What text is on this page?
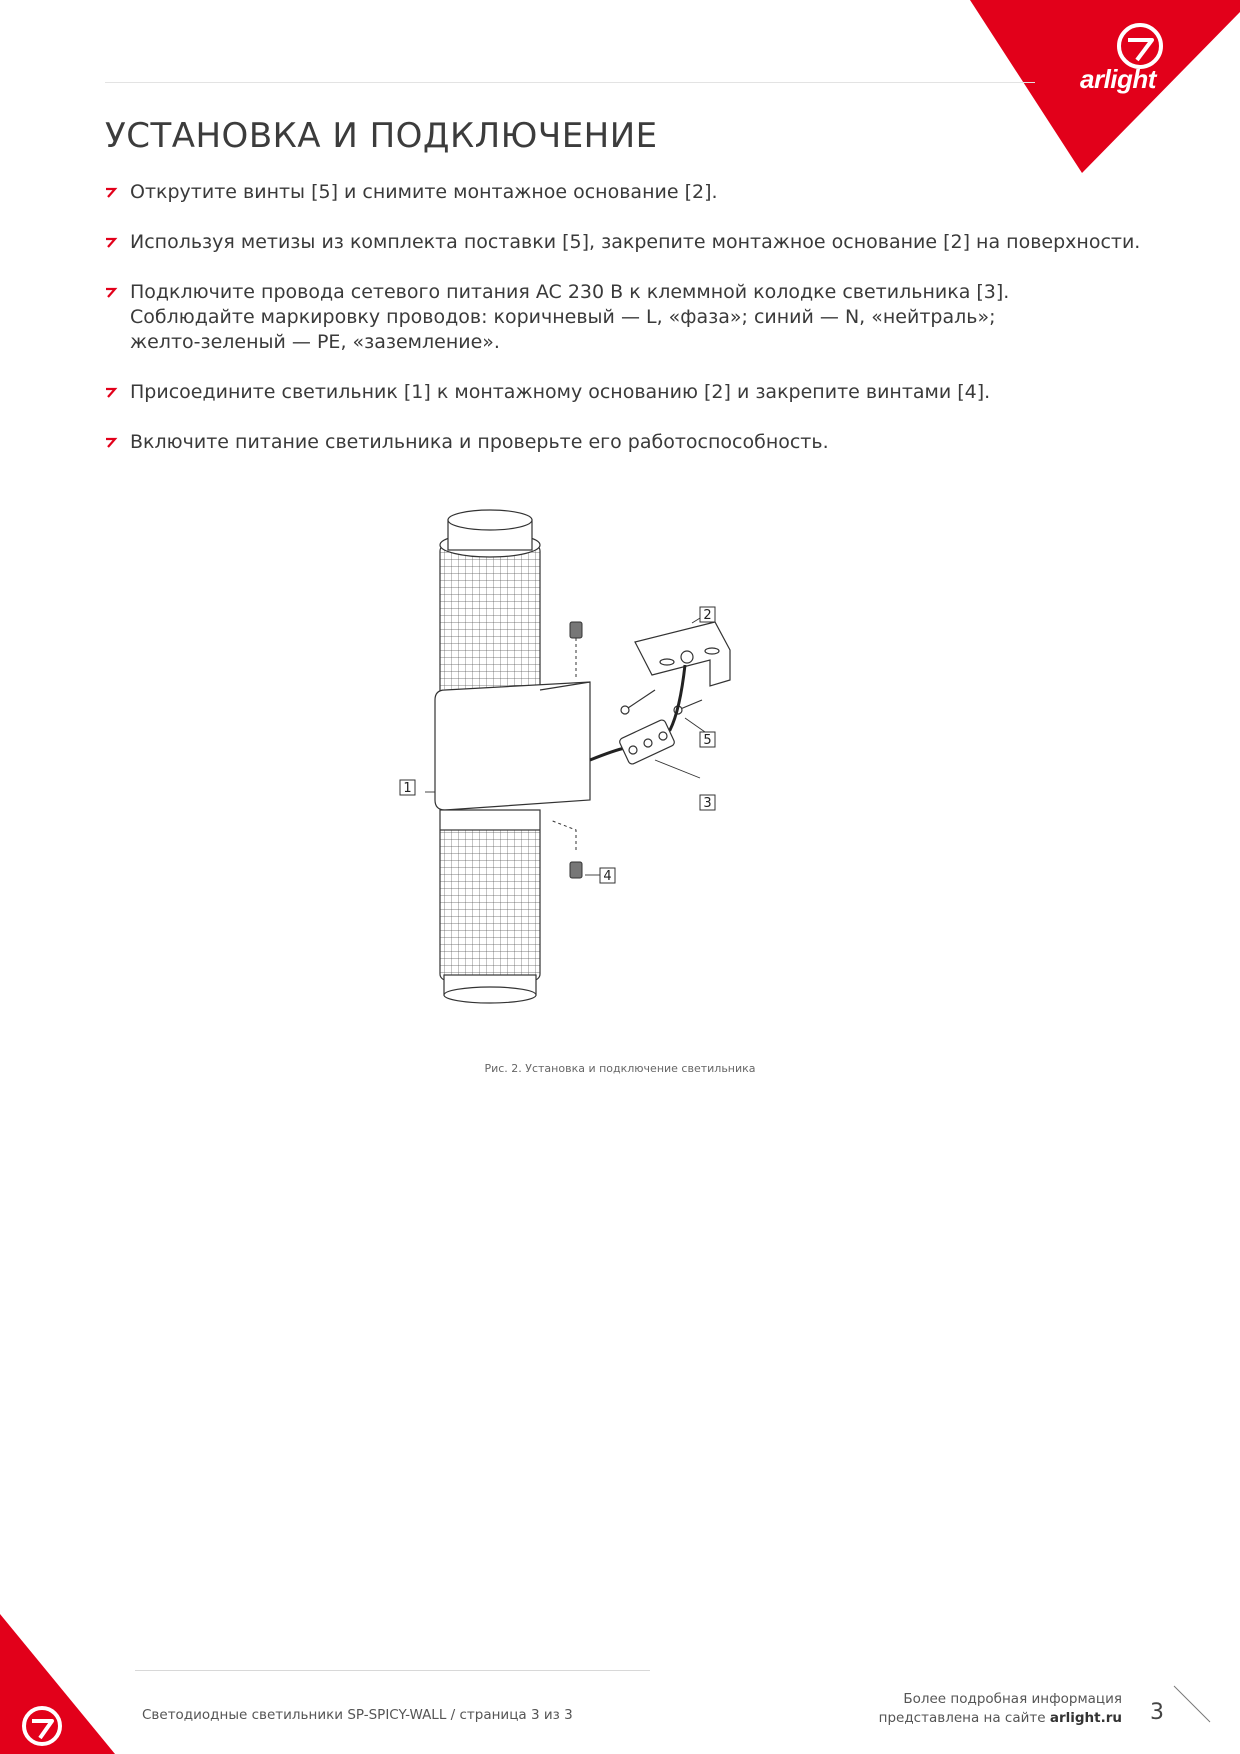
arlight
УСТАНОВКА И ПОДКЛЮЧЕНИЕ
Открутите винты [5] и снимите монтажное основание [2].
Используя метизы из комплекта поставки [5], закрепите монтажное основание [2] на поверхности.
Подключите провода сетевого питания AC 230 В к клеммной колодке светильника [3].
Соблюдайте маркировку проводов: коричневый — L, «фаза»; синий — N, «нейтраль»;
желто-зеленый — PE, «заземление».
Присоедините светильник [1] к монтажному основанию [2] и закрепите винтами [4].
Включите питание светильника и проверьте его работоспособность.
1
2
3
4
5
Рис. 2. Установка и подключение светильника
Светодиодные светильники SP-SPICY-WALL / страница 3 из 3
Более подробная информация
представлена на сайте arlight.ru 3
